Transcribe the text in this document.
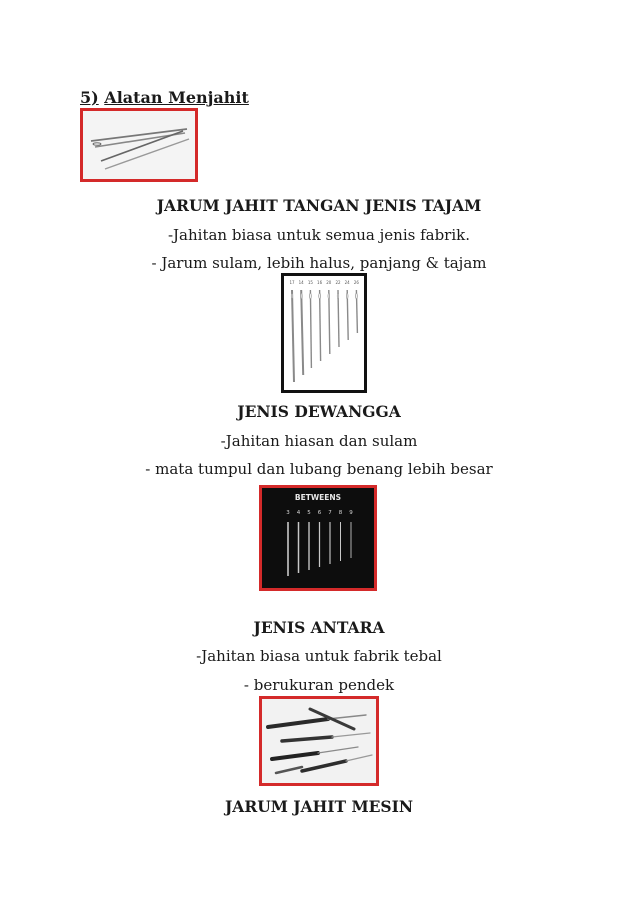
5) Alatan Menjahit
JARUM JAHIT TANGAN JENIS TAJAM
-Jahitan biasa untuk semua jenis fabrik.
- Jarum sulam, lebih halus, panjang & tajam
17 14 15 16 20 22 24 26
JENIS DEWANGGA
-Jahitan hiasan dan sulam
- mata tumpul dan lubang benang lebih besar
BETWEENS
3 4 5 6 7 8 9
JENIS ANTARA
-Jahitan biasa untuk fabrik tebal
- berukuran pendek
JARUM JAHIT MESIN
